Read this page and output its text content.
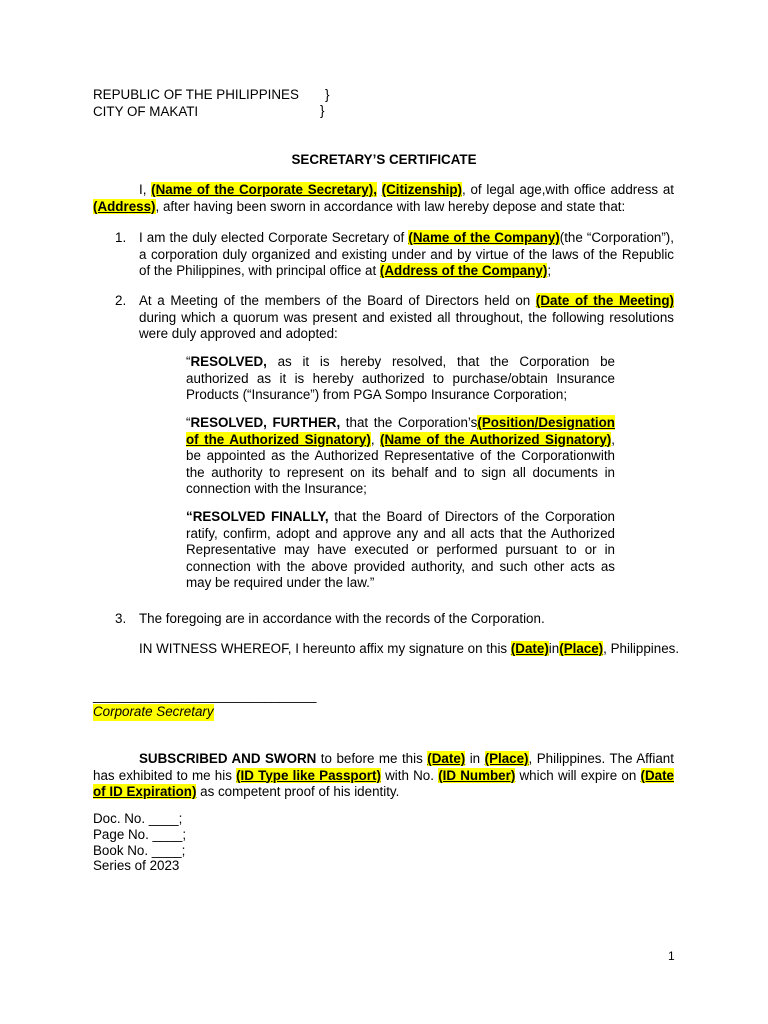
REPUBLIC OF THE PHILIPPINES

CITY OF MAKATI

}
}
SECRETARY’S CERTIFICATE

I, (Name of the Corporate Secretary), (Citizenship), of legal age,with office address at (Address), after having been sworn in accordance with law hereby depose and state that:

1. I am the duly elected Corporate Secretary of (Name of the Company)(the “Corporation”), a corporation duly organized and existing under and by virtue of the laws of the Republic of the Philippines, with principal office at (Address of the Company);

2. At a Meeting of the members of the Board of Directors held on (Date of the Meeting) during which a quorum was present and existed all throughout, the following resolutions were duly approved and adopted:

“RESOLVED, as it is hereby resolved, that the Corporation be authorized as it is hereby authorized to purchase/obtain Insurance Products (“Insurance”) from PGA Sompo Insurance Corporation;

“RESOLVED, FURTHER, that the Corporation’s(Position/Designation of the Authorized Signatory), (Name of the Authorized Signatory), be appointed as the Authorized Representative of the Corporationwith the authority to represent on its behalf and to sign all documents in connection with the Insurance;

“RESOLVED FINALLY, that the Board of Directors of the Corporation ratify, confirm, adopt and approve any and all acts that the Authorized Representative may have executed or performed pursuant to or in connection with the above provided authority, and such other acts as may be required under the law.”

3. The foregoing are in accordance with the records of the Corporation.

IN WITNESS WHEREOF, I hereunto affix my signature on this (Date)in(Place), Philippines.

______________________________
Corporate Secretary

SUBSCRIBED AND SWORN to before me this (Date) in (Place), Philippines. The Affiant has exhibited to me his (ID Type like Passport) with No. (ID Number) which will expire on (Date of ID Expiration) as competent proof of his identity.

Doc. No. ____;

Page No. ____;

Book No. ____;

Series of 2023

1
